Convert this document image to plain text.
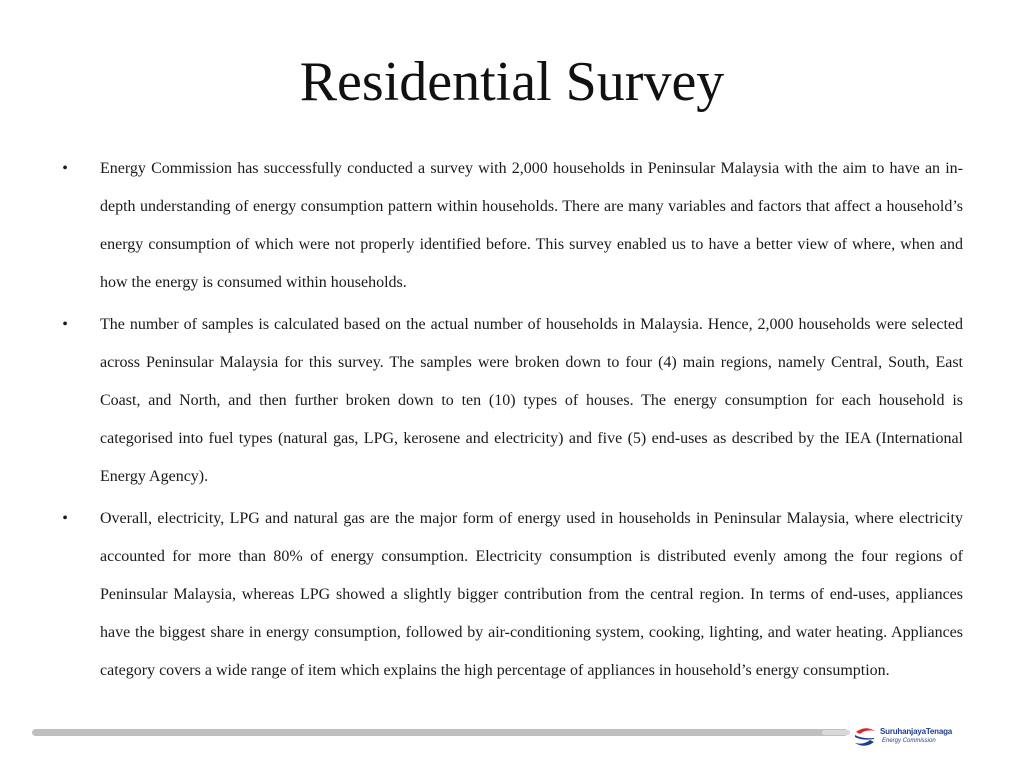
Residential Survey
• Energy Commission has successfully conducted a survey with 2,000 households in Peninsular Malaysia with the aim to have an in-depth understanding of energy consumption pattern within households. There are many variables and factors that affect a household’s energy consumption of which were not properly identified before. This survey enabled us to have a better view of where, when and how the energy is consumed within households.
• The number of samples is calculated based on the actual number of households in Malaysia. Hence, 2,000 households were selected across Peninsular Malaysia for this survey. The samples were broken down to four (4) main regions, namely Central, South, East Coast, and North, and then further broken down to ten (10) types of houses. The energy consumption for each household is categorised into fuel types (natural gas, LPG, kerosene and electricity) and five (5) end-uses as described by the IEA (International Energy Agency).
• Overall, electricity, LPG and natural gas are the major form of energy used in households in Peninsular Malaysia, where electricity accounted for more than 80% of energy consumption. Electricity consumption is distributed evenly among the four regions of Peninsular Malaysia, whereas LPG showed a slightly bigger contribution from the central region. In terms of end-uses, appliances have the biggest share in energy consumption, followed by air-conditioning system, cooking, lighting, and water heating. Appliances category covers a wide range of item which explains the high percentage of appliances in household’s energy consumption.
SuruhanjayaTenaga
Energy Commission
